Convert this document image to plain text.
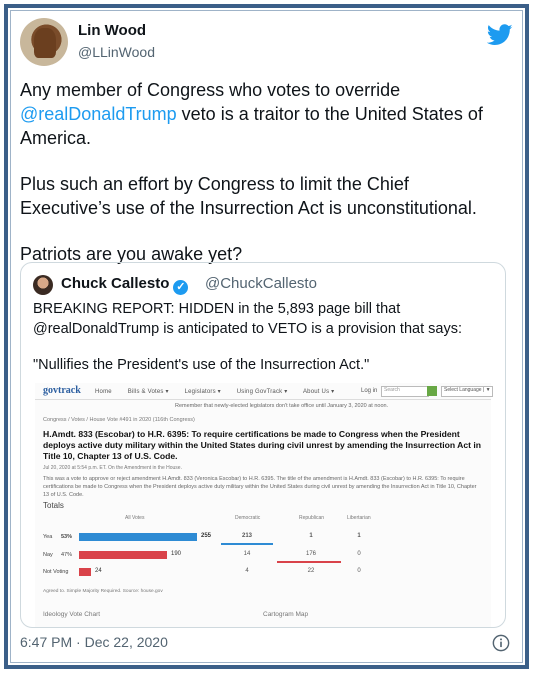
Lin Wood
@LLinWood

Any member of Congress who votes to override @realDonaldTrump veto is a traitor to the United States of America.

Plus such an effort by Congress to limit the Chief Executive’s use of the Insurrection Act is unconstitutional.

Patriots are you awake yet?

Chuck Callesto ✓ @ChuckCallesto

BREAKING REPORT: HIDDEN in the 5,893 page bill that @realDonaldTrump is anticipated to VETO is a provision that says:

"Nullifies the President's use of the Insurrection Act."

govtrack Home	Bills & Votes ▾	Legislators ▾	Using GovTrack ▾	About Us ▾	Log in	Search	Select Language | ▼
Remember that newly-elected legislators don't take office until January 3, 2020 at noon.
Congress / Votes / House Vote #491 in 2020 (116th Congress)
H.Amdt. 833 (Escobar) to H.R. 6395: To require certifications be made to Congress when the President deploys active duty military within the United States during civil unrest by amending the Insurrection Act in Title 10, Chapter 13 of U.S. Code.
Jul 20, 2020 at 5:54 p.m. ET. On the Amendment in the House.
This was a vote to approve or reject amendment H.Amdt. 833 (Veronica Escobar) to H.R. 6395. The title of the amendment is H.Amdt. 833 (Escobar) to H.R. 6395: To require certifications be made to Congress when the President deploys active duty military within the United States during civil unrest by amending the Insurrection Act in Title 10, Chapter 13 of U.S. Code.
Totals
All Votes	Democratic	Republican	Libertarian
Yea 53%	255	213	1	1
Nay 47%	190	14	176	0
Not Voting	24	4	22	0
Agreed to. Simple Majority Required. Source: house.gov
Ideology Vote Chart	Cartogram Map
6:47 PM · Dec 22, 2020
